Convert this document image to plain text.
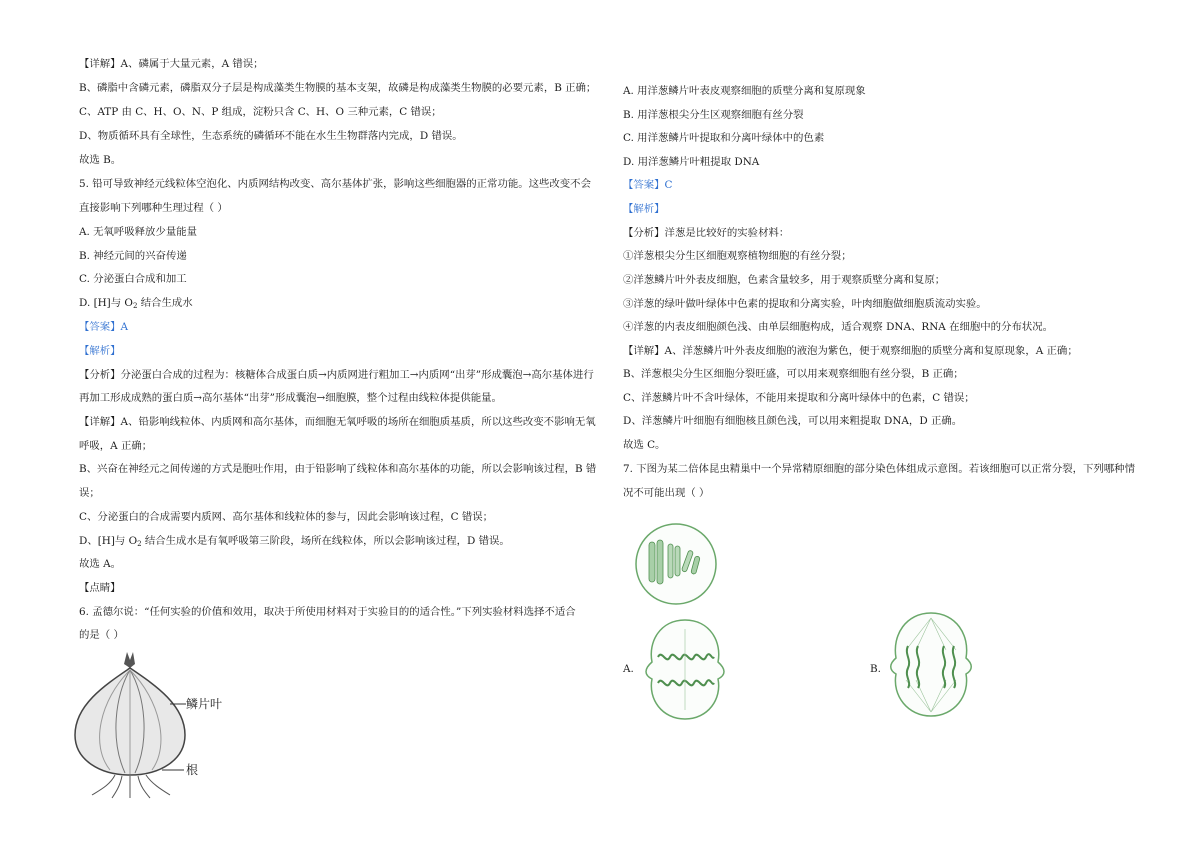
【详解】A、磷属于大量元素，A 错误；
B、磷脂中含磷元素，磷脂双分子层是构成藻类生物膜的基本支架，故磷是构成藻类生物膜的必要元素，B 正确；
C、ATP 由 C、H、O、N、P 组成，淀粉只含 C、H、O 三种元素，C 错误；
D、物质循环具有全球性，生态系统的磷循环不能在水生生物群落内完成，D 错误。
故选 B。
5. 铅可导致神经元线粒体空泡化、内质网结构改变、高尔基体扩张，影响这些细胞器的正常功能。这些改变不会
直接影响下列哪种生理过程（ ）
A. 无氧呼吸释放少量能量
B. 神经元间的兴奋传递
C. 分泌蛋白合成和加工
D. [H]与 $O_2$ 结合生成水
【答案】A
【解析】
【分析】分泌蛋白合成的过程为：核糖体合成蛋白质→内质网进行粗加工→内质网“出芽”形成囊泡→高尔基体进行
再加工形成成熟的蛋白质→高尔基体“出芽”形成囊泡→细胞膜，整个过程由线粒体提供能量。
【详解】A、铅影响线粒体、内质网和高尔基体，而细胞无氧呼吸的场所在细胞质基质，所以这些改变不影响无氧
呼吸，A 正确；
B、兴奋在神经元之间传递的方式是胞吐作用，由于铅影响了线粒体和高尔基体的功能，所以会影响该过程，B 错
误；
C、分泌蛋白的合成需要内质网、高尔基体和线粒体的参与，因此会影响该过程，C 错误；
D、[H]与 $O_2$ 结合生成水是有氧呼吸第三阶段，场所在线粒体，所以会影响该过程，D 错误。
故选 A。
【点睛】
6. 孟德尔说：“任何实验的价值和效用，取决于所使用材料对于实验目的的适合性。”下列实验材料选择不适合
的是（ ）
鳞片叶
根
A. 用洋葱鳞片叶表皮观察细胞的质壁分离和复原现象
B. 用洋葱根尖分生区观察细胞有丝分裂
C. 用洋葱鳞片叶提取和分离叶绿体中的色素
D. 用洋葱鳞片叶粗提取 DNA
【答案】C
【解析】
【分析】洋葱是比较好的实验材料：
①洋葱根尖分生区细胞观察植物细胞的有丝分裂；
②洋葱鳞片叶外表皮细胞，色素含量较多，用于观察质壁分离和复原；
③洋葱的绿叶做叶绿体中色素的提取和分离实验，叶肉细胞做细胞质流动实验。
④洋葱的内表皮细胞颜色浅、由单层细胞构成，适合观察 DNA、RNA 在细胞中的分布状况。
【详解】A、洋葱鳞片叶外表皮细胞的液泡为紫色，便于观察细胞的质壁分离和复原现象，A 正确；
B、洋葱根尖分生区细胞分裂旺盛，可以用来观察细胞有丝分裂，B 正确；
C、洋葱鳞片叶不含叶绿体，不能用来提取和分离叶绿体中的色素，C 错误；
D、洋葱鳞片叶细胞有细胞核且颜色浅，可以用来粗提取 DNA，D 正确。
故选 C。
7. 下图为某二倍体昆虫精巢中一个异常精原细胞的部分染色体组成示意图。若该细胞可以正常分裂，下列哪种情
况不可能出现（ ）
A.	B.
